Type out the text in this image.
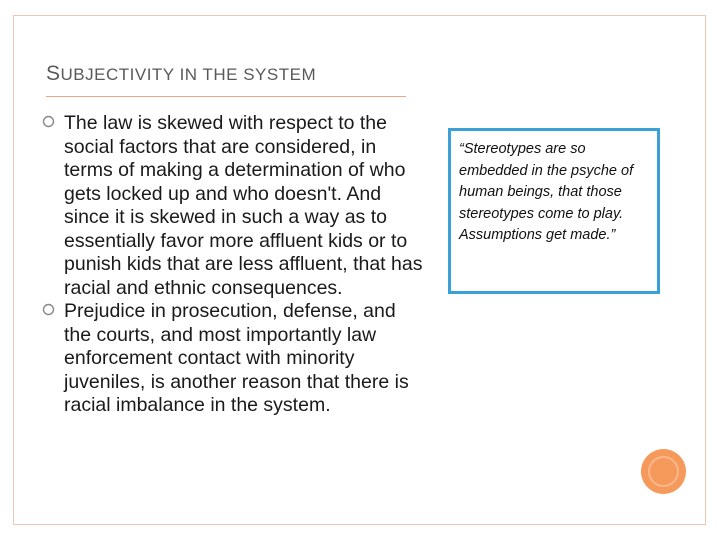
SUBJECTIVITY IN THE SYSTEM
The law is skewed with respect to the social factors that are considered, in terms of making a determination of who gets locked up and who doesn't. And since it is skewed in such a way as to essentially favor more affluent kids or to punish kids that are less affluent, that has racial and ethnic consequences.
Prejudice in prosecution, defense, and the courts, and most importantly law enforcement contact with minority juveniles, is another reason that there is racial imbalance in the system.
“Stereotypes are so embedded in the psyche of human beings, that those stereotypes come to play. Assumptions get made.”
